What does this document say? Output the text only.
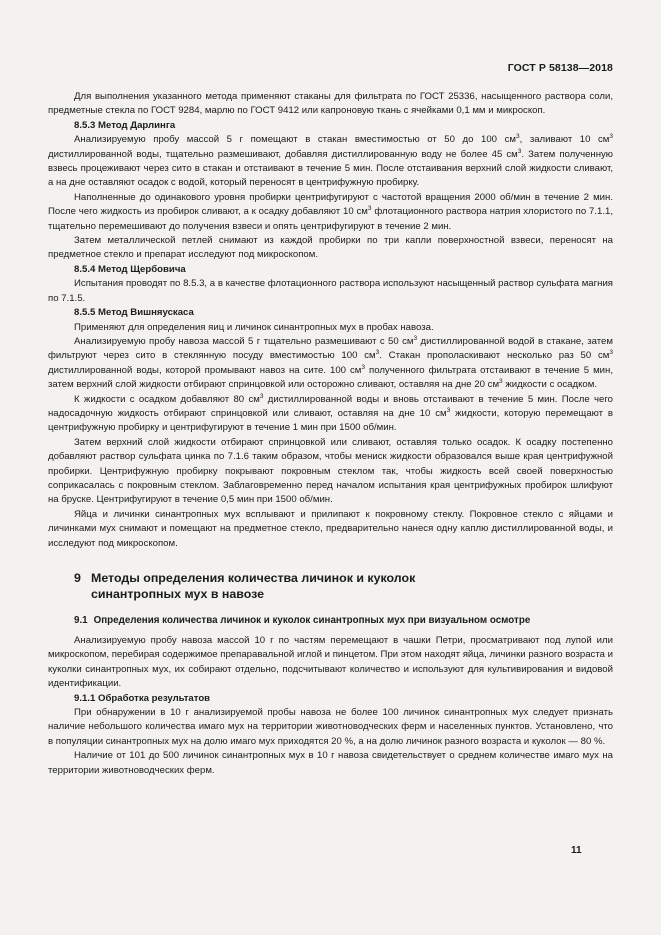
ГОСТ Р 58138—2018

Для выполнения указанного метода применяют стаканы для фильтрата по ГОСТ 25336, насыщенного раствора соли, предметные стекла по ГОСТ 9284, марлю по ГОСТ 9412 или капроновую ткань с ячейками 0,1 мм и микроскоп.

8.5.3 Метод Дарлинга

Анализируемую пробу массой 5 г помещают в стакан вместимостью от 50 до 100 $см^3$, заливают 10 $см^3$ дистиллированной воды, тщательно размешивают, добавляя дистиллированную воду не более 45 $см^3$. Затем полученную взвесь процеживают через сито в стакан и отстаивают в течение 5 мин. После отстаивания верхний слой жидкости сливают, а на дне оставляют осадок с водой, который переносят в центрифужную пробирку.

Наполненные до одинакового уровня пробирки центрифугируют с частотой вращения 2000 об/мин в течение 2 мин. После чего жидкость из пробирок сливают, а к осадку добавляют 10 $см^3$ флотационного раствора натрия хлористого по 7.1.1, тщательно перемешивают до получения взвеси и опять центрифугируют в течение 2 мин.

Затем металлической петлей снимают из каждой пробирки по три капли поверхностной взвеси, переносят на предметное стекло и препарат исследуют под микроскопом.

8.5.4 Метод Щербовича

Испытания проводят по 8.5.3, а в качестве флотационного раствора используют насыщенный раствор сульфата магния по 7.1.5.

8.5.5 Метод Вишняускаса

Применяют для определения яиц и личинок синантропных мух в пробах навоза.

Анализируемую пробу навоза массой 5 г тщательно размешивают с 50 $см^3$ дистиллированной водой в стакане, затем фильтруют через сито в стеклянную посуду вместимостью 100 $см^3$. Стакан прополаскивают несколько раз 50 $см^3$ дистиллированной воды, которой промывают навоз на сите. 100 $см^3$ полученного фильтрата отстаивают в течение 5 мин, затем верхний слой жидкости отбирают спринцовкой или осторожно сливают, оставляя на дне 20 $см^3$ жидкости с осадком.

К жидкости с осадком добавляют 80 $см^3$ дистиллированной воды и вновь отстаивают в течение 5 мин. После чего надосадочную жидкость отбирают спринцовкой или сливают, оставляя на дне 10 $см^3$ жидкости, которую перемещают в центрифужную пробирку и центрифугируют в течение 1 мин при 1500 об/мин.

Затем верхний слой жидкости отбирают спринцовкой или сливают, оставляя только осадок. К осадку постепенно добавляют раствор сульфата цинка по 7.1.6 таким образом, чтобы мениск жидкости образовался выше края центрифужной пробирки. Центрифужную пробирку покрывают покровным стеклом так, чтобы жидкость всей своей поверхностью соприкасалась с покровным стеклом. Заблаговременно перед началом испытания края центрифужных пробирок шлифуют на бруске. Центрифугируют в течение 0,5 мин при 1500 об/мин.

Яйца и личинки синантропных мух всплывают и прилипают к покровному стеклу. Покровное стекло с яйцами и личинками мух снимают и помещают на предметное стекло, предварительно нанеся одну каплю дистиллированной воды, и исследуют под микроскопом.

9 Методы определения количества личинок и куколок
синантропных мух в навозе
9.1 Определения количества личинок и куколок синантропных мух при визуальном осмотре

Анализируемую пробу навоза массой 10 г по частям перемещают в чашки Петри, просматривают под лупой или микроскопом, перебирая содержимое препаравальной иглой и пинцетом. При этом находят яйца, личинки разного возраста и куколки синантропных мух, их собирают отдельно, подсчитывают количество и используют для культивирования и видовой идентификации.

9.1.1 Обработка результатов

При обнаружении в 10 г анализируемой пробы навоза не более 100 личинок синантропных мух следует признать наличие небольшого количества имаго мух на территории животноводческих ферм и населенных пунктов. Установлено, что в популяции синантропных мух на долю имаго мух приходятся 20 %, а на долю личинок разного возраста и куколок — 80 %.

Наличие от 101 до 500 личинок синантропных мух в 10 г навоза свидетельствует о среднем количестве имаго мух на территории животноводческих ферм.

11
